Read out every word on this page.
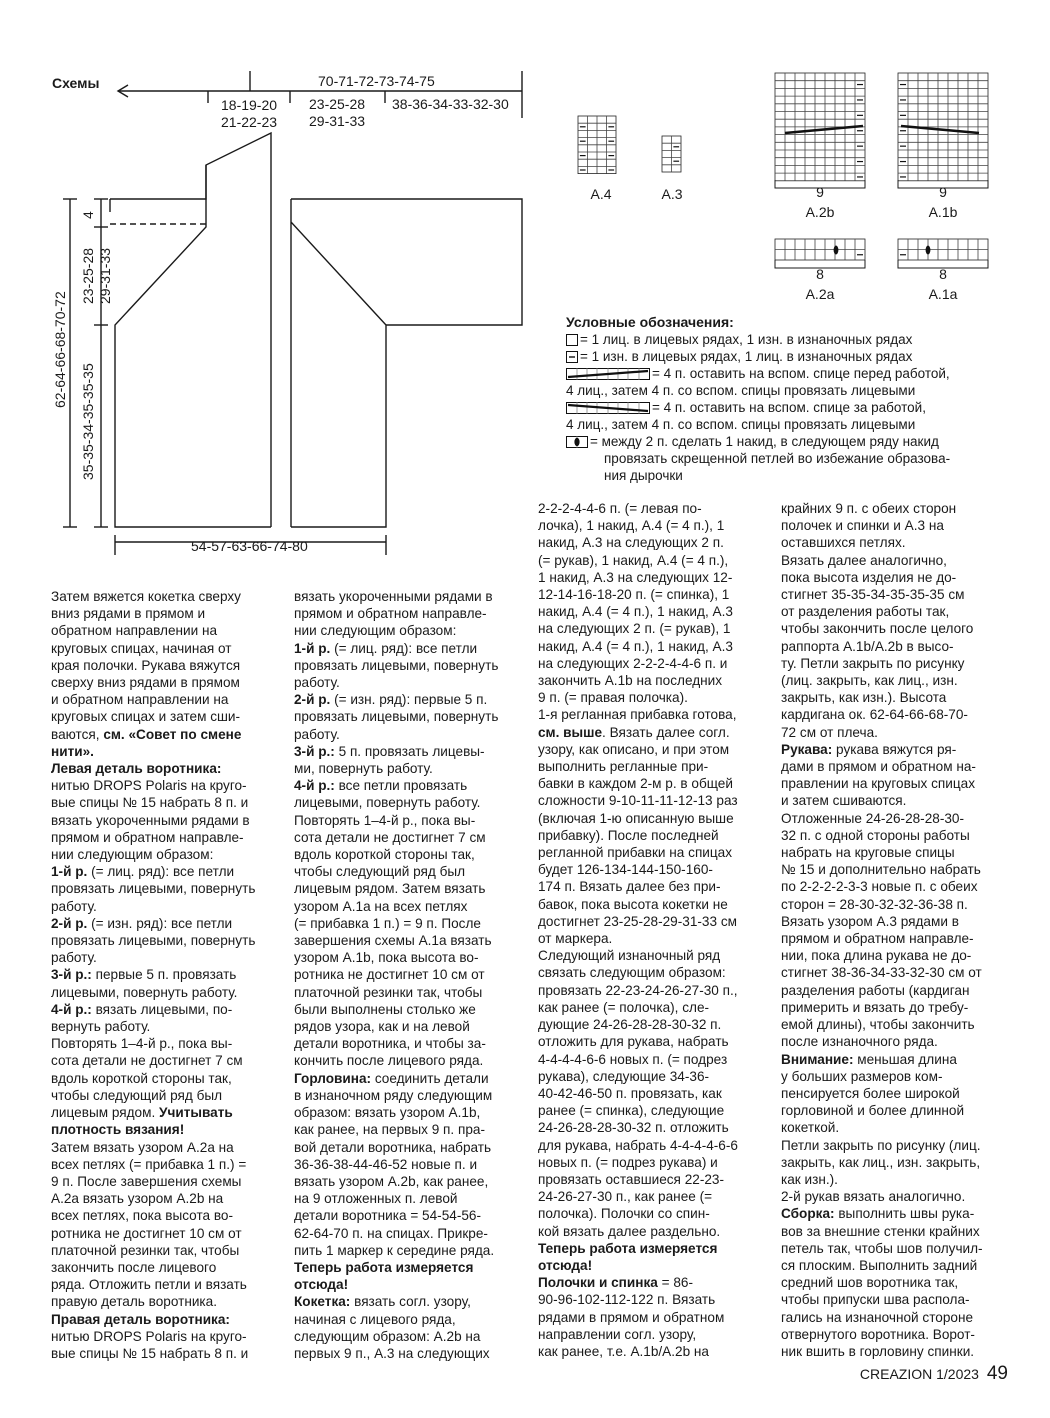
Схемы	70-71-72-73-74-75
18-19-20
21-22-23
23-25-28
29-31-33
38-36-34-33-32-30
4
23-25-28 29-31-33
62-64-66-68-70-72
35-35-34-35-35-35
54-57-63-66-74-80
A.4	A.3	9	9
A.2b	A.1b
8	8
A.2a	A.1a
Условные обозначения:
= 1 лиц. в лицевых рядах, 1 изн. в изнаночных рядах
= 1 изн. в лицевых рядах, 1 лиц. в изнаночных рядах
= 4 п. оставить на вспом. спице перед работой,
4 лиц., затем 4 п. со вспом. спицы провязать лицевыми
= 4 п. оставить на вспом. спице за работой,
4 лиц., затем 4 п. со вспом. спицы провязать лицевыми
= между 2 п. сделать 1 накид, в следующем ряду накид
провязать скрещенной петлей во избежание образова-
ния дырочки

Затем вяжется кокетка сверху

вниз рядами в прямом и

обратном направлении на

круговых спицах, начиная от

края полочки. Рукава вяжутся

сверху вниз рядами в прямом

и обратном направлении на

круговых спицах и затем сши-

ваются, см. «Совет по смене

нити».

Левая деталь воротника:

нитью DROPS Polaris на круго-

вые спицы № 15 набрать 8 п. и

вязать укороченными рядами в

прямом и обратном направле-

нии следующим образом:

1-й р. (= лиц. ряд): все петли

провязать лицевыми, повернуть

работу.

2-й р. (= изн. ряд): все петли

провязать лицевыми, повернуть

работу.

3-й р.: первые 5 п. провязать

лицевыми, повернуть работу.

4-й р.: вязать лицевыми, по-

вернуть работу.

Повторять 1–4-й р., пока вы-

сота детали не достигнет 7 см

вдоль короткой стороны так,

чтобы следующий ряд был

лицевым рядом. Учитывать

плотность вязания!

Затем вязать узором A.2a на

всех петлях (= прибавка 1 п.) =

9 п. После завершения схемы

A.2a вязать узором A.2b на

всех петлях, пока высота во-

ротника не достигнет 10 см от

платочной резинки так, чтобы

закончить после лицевого

ряда. Отложить петли и вязать

правую деталь воротника.

Правая деталь воротника:

нитью DROPS Polaris на круго-

вые спицы № 15 набрать 8 п. и

вязать укороченными рядами в

прямом и обратном направле-

нии следующим образом:

1-й р. (= лиц. ряд): все петли

провязать лицевыми, повернуть

работу.

2-й р. (= изн. ряд): первые 5 п.

провязать лицевыми, повернуть

работу.

3-й р.: 5 п. провязать лицевы-

ми, повернуть работу.

4-й р.: все петли провязать

лицевыми, повернуть работу.

Повторять 1–4-й р., пока вы-

сота детали не достигнет 7 см

вдоль короткой стороны так,

чтобы следующий ряд был

лицевым рядом. Затем вязать

узором A.1a на всех петлях

(= прибавка 1 п.) = 9 п. После

завершения схемы A.1a вязать

узором A.1b, пока высота во-

ротника не достигнет 10 см от

платочной резинки так, чтобы

были выполнены столько же

рядов узора, как и на левой

детали воротника, и чтобы за-

кончить после лицевого ряда.

Горловина: соединить детали

в изнаночном ряду следующим

образом: вязать узором A.1b,

как ранее, на первых 9 п. пра-

вой детали воротника, набрать

36-36-38-44-46-52 новые п. и

вязать узором A.2b, как ранее,

на 9 отложенных п. левой

детали воротника = 54-54-56-

62-64-70 п. на спицах. Прикре-

пить 1 маркер к середине ряда.

Теперь работа измеряется

отсюда!

Кокетка: вязать согл. узору,

начиная с лицевого ряда,

следующим образом: A.2b на

первых 9 п., A.3 на следующих

2-2-2-4-4-6 п. (= левая по-

лочка), 1 накид, A.4 (= 4 п.), 1

накид, A.3 на следующих 2 п.

(= рукав), 1 накид, A.4 (= 4 п.),

1 накид, A.3 на следующих 12-

12-14-16-18-20 п. (= спинка), 1

накид, A.4 (= 4 п.), 1 накид, A.3

на следующих 2 п. (= рукав), 1

накид, A.4 (= 4 п.), 1 накид, A.3

на следующих 2-2-2-4-4-6 п. и

закончить A.1b на последних

9 п. (= правая полочка).

1-я регланная прибавка готова,

см. выше. Вязать далее согл.

узору, как описано, и при этом

выполнить регланные при-

бавки в каждом 2-м р. в общей

сложности 9-10-11-11-12-13 раз

(включая 1-ю описанную выше

прибавку). После последней

регланной прибавки на спицах

будет 126-134-144-150-160-

174 п. Вязать далее без при-

бавок, пока высота кокетки не

достигнет 23-25-28-29-31-33 см

от маркера.

Следующий изнаночный ряд

связать следующим образом:

провязать 22-23-24-26-27-30 п.,

как ранее (= полочка), сле-

дующие 24-26-28-28-30-32 п.

отложить для рукава, набрать

4-4-4-4-6-6 новых п. (= подрез

рукава), следующие 34-36-

40-42-46-50 п. провязать, как

ранее (= спинка), следующие

24-26-28-28-30-32 п. отложить

для рукава, набрать 4-4-4-4-6-6

новых п. (= подрез рукава) и

провязать оставшиеся 22-23-

24-26-27-30 п., как ранее (=

полочка). Полочки со спин-

кой вязать далее раздельно.

Теперь работа измеряется

отсюда!

Полочки и спинка = 86-

90-96-102-112-122 п. Вязать

рядами в прямом и обратном

направлении согл. узору,

как ранее, т.е. A.1b/A.2b на

крайних 9 п. с обеих сторон

полочек и спинки и A.3 на

оставшихся петлях.

Вязать далее аналогично,

пока высота изделия не до-

стигнет 35-35-34-35-35-35 см

от разделения работы так,

чтобы закончить после целого

раппорта A.1b/A.2b в высо-

ту. Петли закрыть по рисунку

(лиц. закрыть, как лиц., изн.

закрыть, как изн.). Высота

кардигана ок. 62-64-66-68-70-

72 см от плеча.

Рукава: рукава вяжутся ря-

дами в прямом и обратном на-

правлении на круговых спицах

и затем сшиваются.

Отложенные 24-26-28-28-30-

32 п. с одной стороны работы

набрать на круговые спицы

№ 15 и дополнительно набрать

по 2-2-2-2-3-3 новые п. с обеих

сторон = 28-30-32-32-36-38 п.

Вязать узором A.3 рядами в

прямом и обратном направле-

нии, пока длина рукава не до-

стигнет 38-36-34-33-32-30 см от

разделения работы (кардиган

примерить и вязать до требу-

емой длины), чтобы закончить

после изнаночного ряда.

Внимание: меньшая длина

у больших размеров ком-

пенсируется более широкой

горловиной и более длинной

кокеткой.

Петли закрыть по рисунку (лиц.

закрыть, как лиц., изн. закрыть,

как изн.).

2-й рукав вязать аналогично.

Сборка: выполнить швы рука-

вов за внешние стенки крайних

петель так, чтобы шов получил-

ся плоским. Выполнить задний

средний шов воротника так,

чтобы припуски шва распола-

гались на изнаночной стороне

отвернутого воротника. Ворот-

ник вшить в горловину спинки.

CREAZION 1/2023 49
